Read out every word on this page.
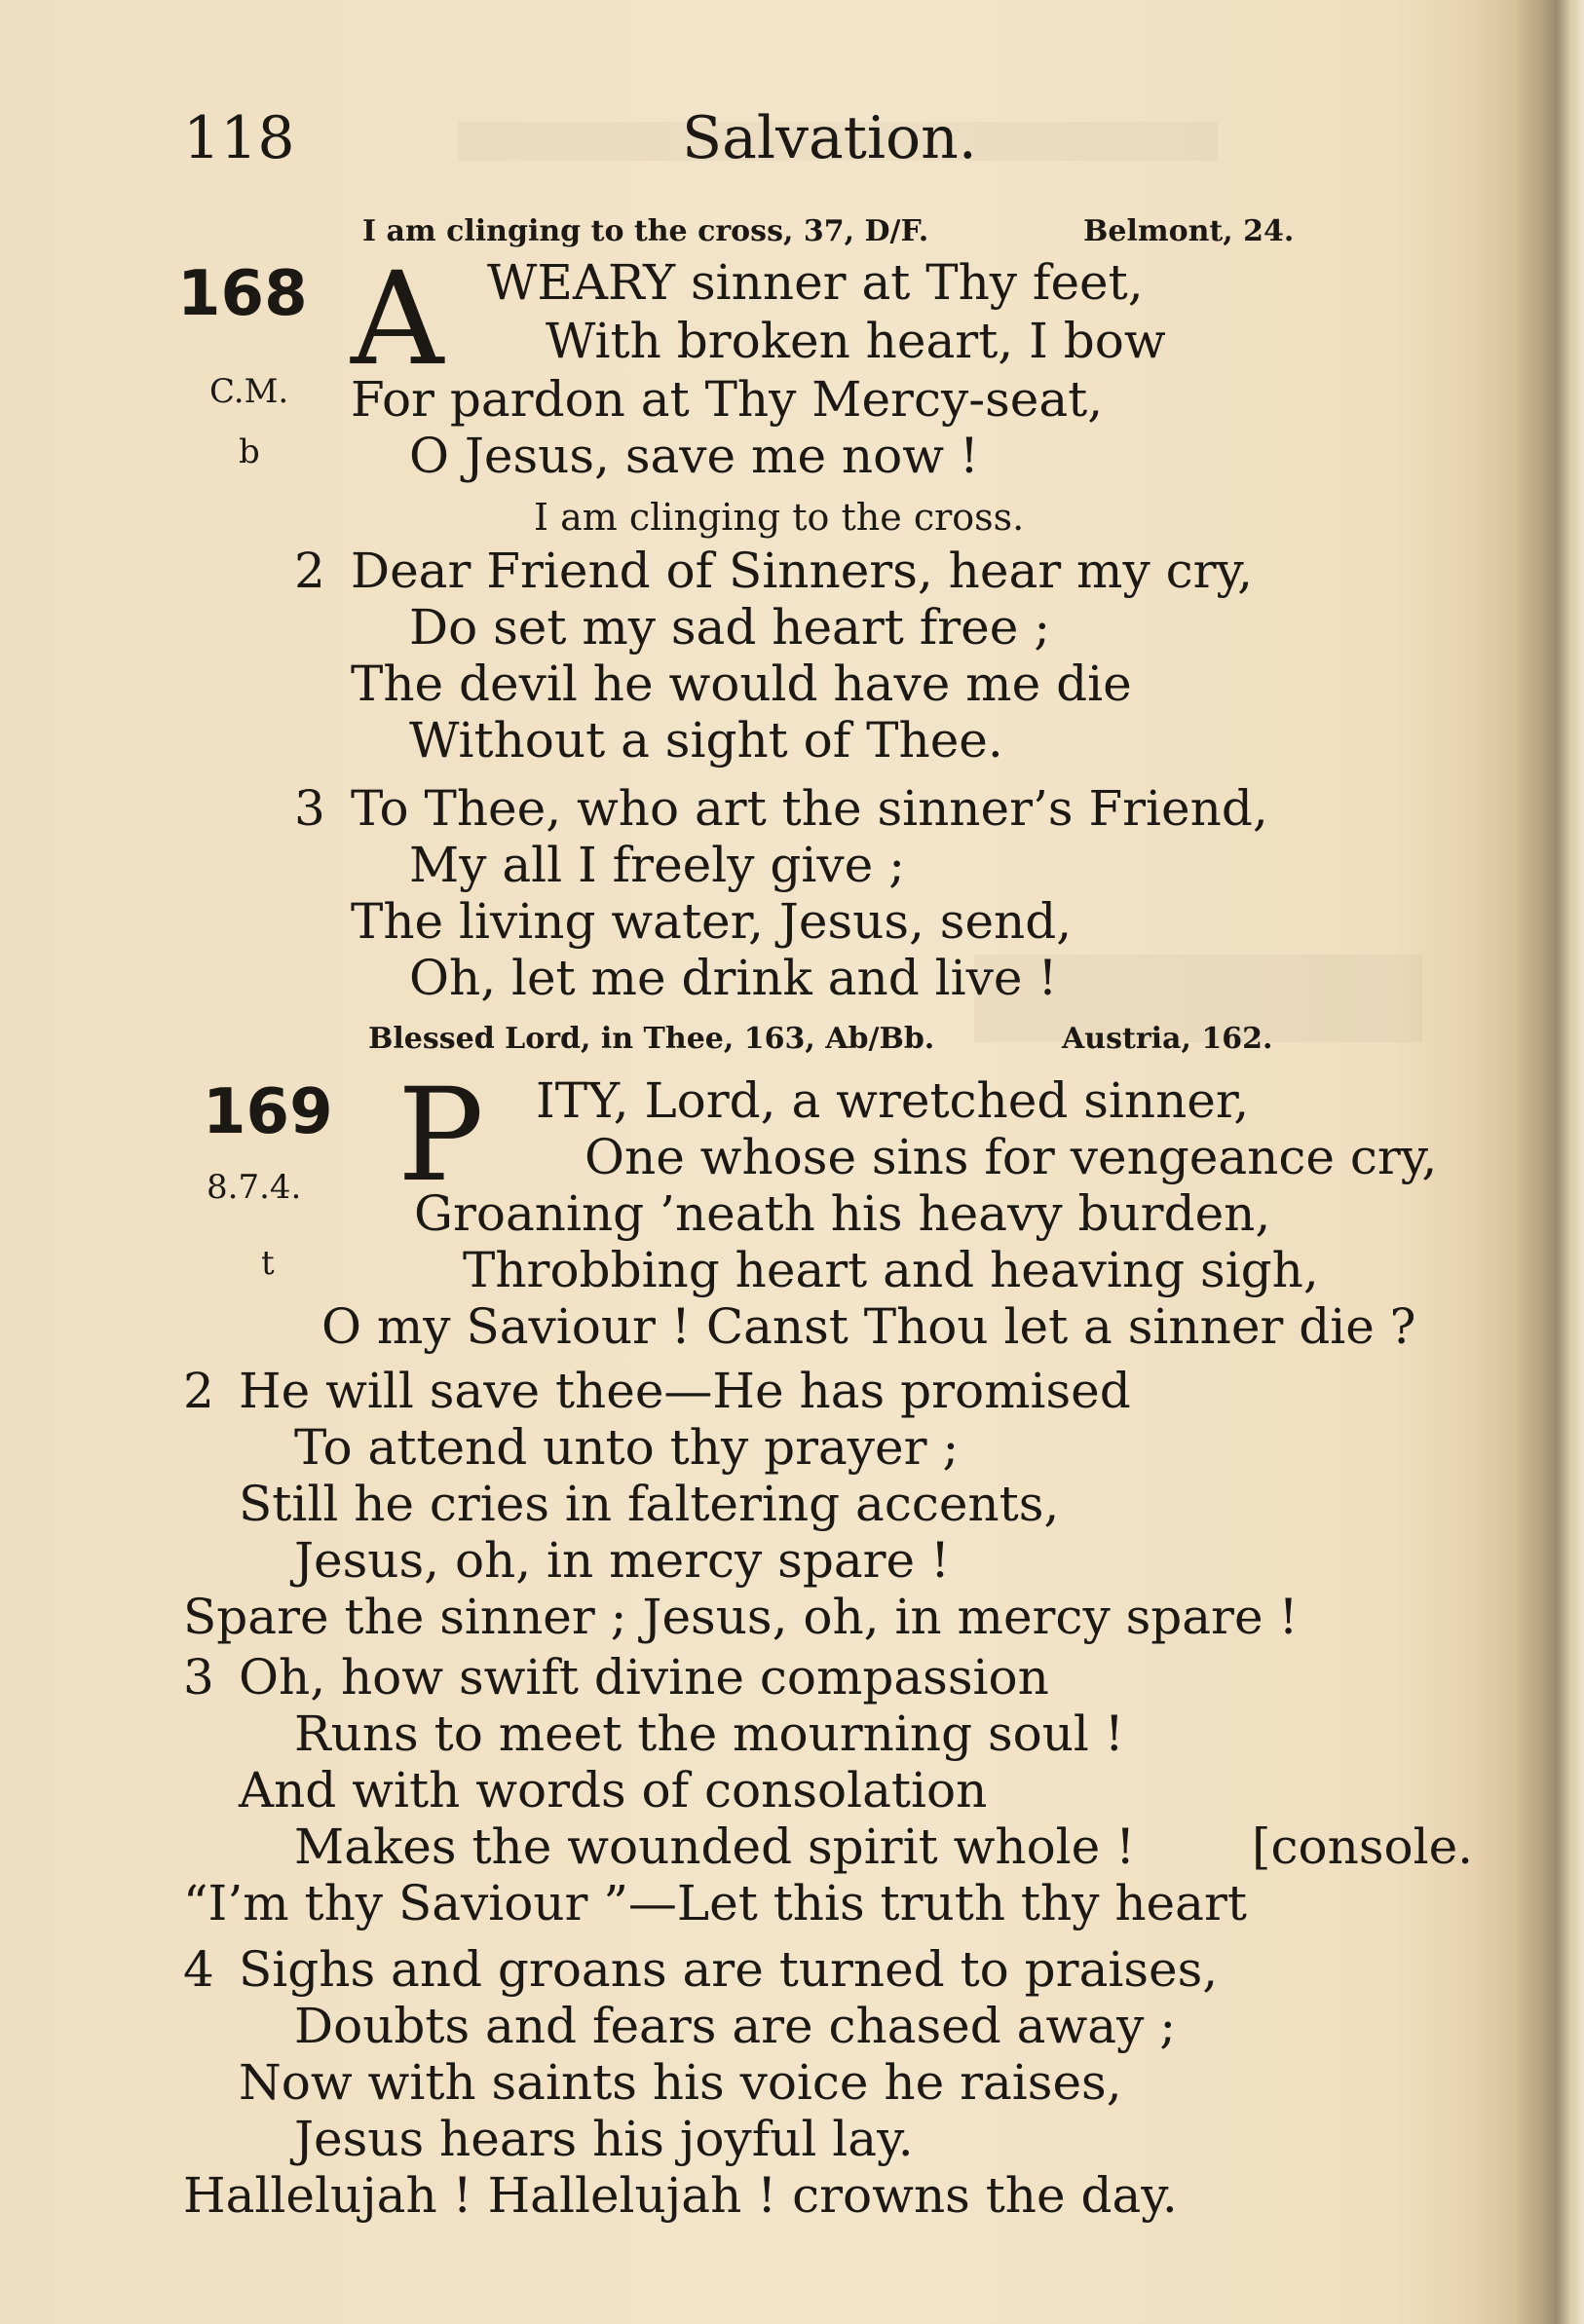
118	Salvation.
I am clinging to the cross, 37, D/F.	Belmont, 24.
168 A
C.M.
b
WEARY sinner at Thy feet,
With broken heart, I bow
For pardon at Thy Mercy-seat,
O Jesus, save me now !
I am clinging to the cross.
2 Dear Friend of Sinners, hear my cry,
Do set my sad heart free ;
The devil he would have me die
Without a sight of Thee.
3 To Thee, who art the sinner’s Friend,
My all I freely give ;
The living water, Jesus, send,
Oh, let me drink and live !
Blessed Lord, in Thee, 163, Ab/Bb.	Austria, 162.
169 P
8.7.4.
t
ITY, Lord, a wretched sinner,
One whose sins for vengeance cry,
Groaning ’neath his heavy burden,
Throbbing heart and heaving sigh,
O my Saviour ! Canst Thou let a sinner die ?
2 He will save thee—He has promised
To attend unto thy prayer ;
Still he cries in faltering accents,
Jesus, oh, in mercy spare !
Spare the sinner ; Jesus, oh, in mercy spare !
3 Oh, how swift divine compassion
Runs to meet the mourning soul !
And with words of consolation
Makes the wounded spirit whole ! [console.
“I’m thy Saviour ”—Let this truth thy heart
4 Sighs and groans are turned to praises,
Doubts and fears are chased away ;
Now with saints his voice he raises,
Jesus hears his joyful lay.
Hallelujah ! Hallelujah ! crowns the day.
